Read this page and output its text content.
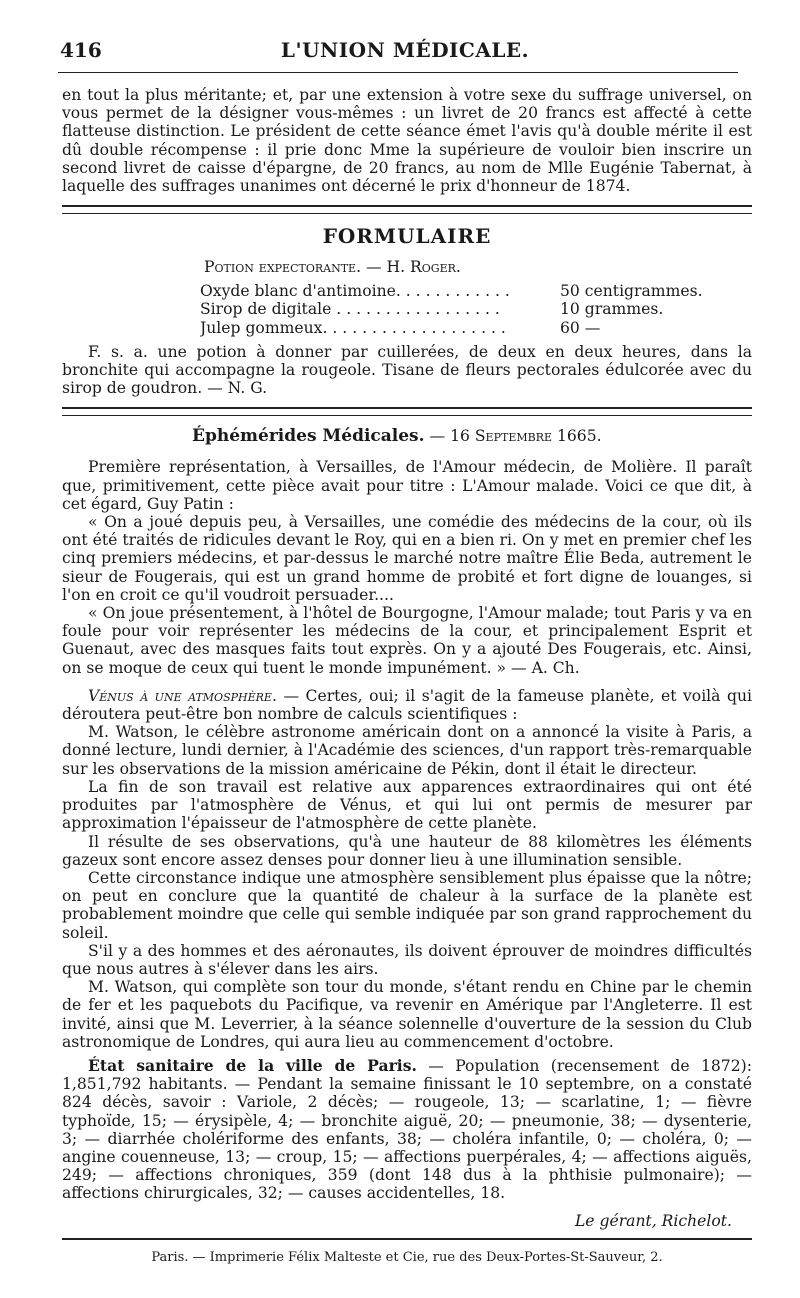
416	L'UNION MÉDICALE.

en tout la plus méritante; et, par une extension à votre sexe du suffrage universel, on vous permet de la désigner vous-mêmes : un livret de 20 francs est affecté à cette flatteuse distinction. Le président de cette séance émet l'avis qu'à double mérite il est dû double récompense : il prie donc Mme la supérieure de vouloir bien inscrire un second livret de caisse d'épargne, de 20 francs, au nom de Mlle Eugénie Tabernat, à laquelle des suffrages unanimes ont décerné le prix d'honneur de 1874.

FORMULAIRE
Potion expectorante. — H. Roger.
Oxyde blanc d'antimoine. . . . . . . . . . . .	50 centigrammes.
Sirop de digitale . . . . . . . . . . . . . . . . .	10 grammes.
Julep gommeux. . . . . . . . . . . . . . . . . . .	60 —

F. s. a. une potion à donner par cuillerées, de deux en deux heures, dans la bronchite qui accompagne la rougeole. Tisane de fleurs pectorales édulcorée avec du sirop de goudron. — N. G.

Éphémérides Médicales. — 16 Septembre 1665.

Première représentation, à Versailles, de l'Amour médecin, de Molière. Il paraît que, primitivement, cette pièce avait pour titre : L'Amour malade. Voici ce que dit, à cet égard, Guy Patin :

« On a joué depuis peu, à Versailles, une comédie des médecins de la cour, où ils ont été traités de ridicules devant le Roy, qui en a bien ri. On y met en premier chef les cinq premiers médecins, et par-dessus le marché notre maître Élie Beda, autrement le sieur de Fougerais, qui est un grand homme de probité et fort digne de louanges, si l'on en croit ce qu'il voudroit persuader....

« On joue présentement, à l'hôtel de Bourgogne, l'Amour malade; tout Paris y va en foule pour voir représenter les médecins de la cour, et principalement Esprit et Guenaut, avec des masques faits tout exprès. On y a ajouté Des Fougerais, etc. Ainsi, on se moque de ceux qui tuent le monde impunément. » — A. Ch.

Vénus à une atmosphère. — Certes, oui; il s'agit de la fameuse planète, et voilà qui déroutera peut-être bon nombre de calculs scientifiques :

M. Watson, le célèbre astronome américain dont on a annoncé la visite à Paris, a donné lecture, lundi dernier, à l'Académie des sciences, d'un rapport très-remarquable sur les observations de la mission américaine de Pékin, dont il était le directeur.

La fin de son travail est relative aux apparences extraordinaires qui ont été produites par l'atmosphère de Vénus, et qui lui ont permis de mesurer par approximation l'épaisseur de l'atmosphère de cette planète.

Il résulte de ses observations, qu'à une hauteur de 88 kilomètres les éléments gazeux sont encore assez denses pour donner lieu à une illumination sensible.

Cette circonstance indique une atmosphère sensiblement plus épaisse que la nôtre; on peut en conclure que la quantité de chaleur à la surface de la planète est probablement moindre que celle qui semble indiquée par son grand rapprochement du soleil.

S'il y a des hommes et des aéronautes, ils doivent éprouver de moindres difficultés que nous autres à s'élever dans les airs.

M. Watson, qui complète son tour du monde, s'étant rendu en Chine par le chemin de fer et les paquebots du Pacifique, va revenir en Amérique par l'Angleterre. Il est invité, ainsi que M. Leverrier, à la séance solennelle d'ouverture de la session du Club astronomique de Londres, qui aura lieu au commencement d'octobre.

État sanitaire de la ville de Paris. — Population (recensement de 1872): 1,851,792 habitants. — Pendant la semaine finissant le 10 septembre, on a constaté 824 décès, savoir : Variole, 2 décès; — rougeole, 13; — scarlatine, 1; — fièvre typhoïde, 15; — érysipèle, 4; — bronchite aiguë, 20; — pneumonie, 38; — dysenterie, 3; — diarrhée cholériforme des enfants, 38; — choléra infantile, 0; — choléra, 0; — angine couenneuse, 13; — croup, 15; — affections puerpérales, 4; — affections aiguës, 249; — affections chroniques, 359 (dont 148 dus à la phthisie pulmonaire); — affections chirurgicales, 32; — causes accidentelles, 18.

Le gérant, Richelot.
Paris. — Imprimerie Félix Malteste et Cie, rue des Deux-Portes-St-Sauveur, 2.
